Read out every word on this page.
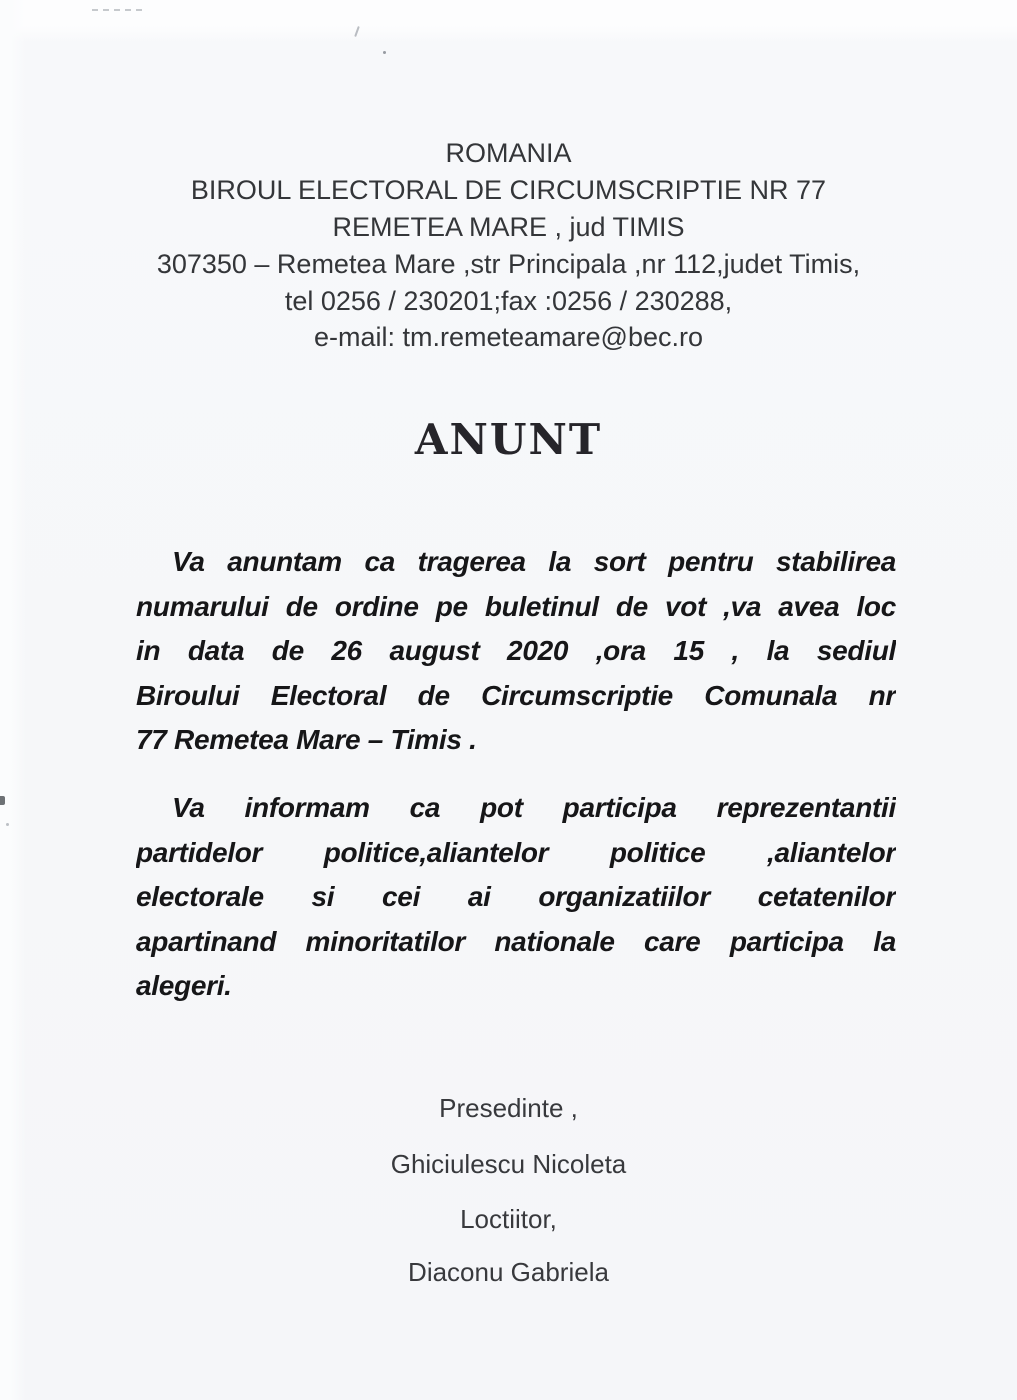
ROMANIA
BIROUL ELECTORAL DE CIRCUMSCRIPTIE NR 77
REMETEA MARE , jud TIMIS
307350 – Remetea Mare ,str Principala ,nr 112,judet Timis,
tel 0256 / 230201;fax :0256 / 230288,
e-mail: tm.remeteamare@bec.ro
ANUNT
Va anuntam ca tragerea la sort pentru stabilirea
numarului de ordine pe buletinul de vot ,va avea loc
in data de 26 august 2020 ,ora 15 , la sediul
Biroului Electoral de Circumscriptie Comunala nr
77 Remetea Mare – Timis .
Va informam ca pot participa reprezentantii
partidelor politice,aliantelor politice ,aliantelor
electorale si cei ai organizatiilor cetatenilor
apartinand minoritatilor nationale care participa la
alegeri.
Presedinte ,
Ghiciulescu Nicoleta
Loctiitor,
Diaconu Gabriela
